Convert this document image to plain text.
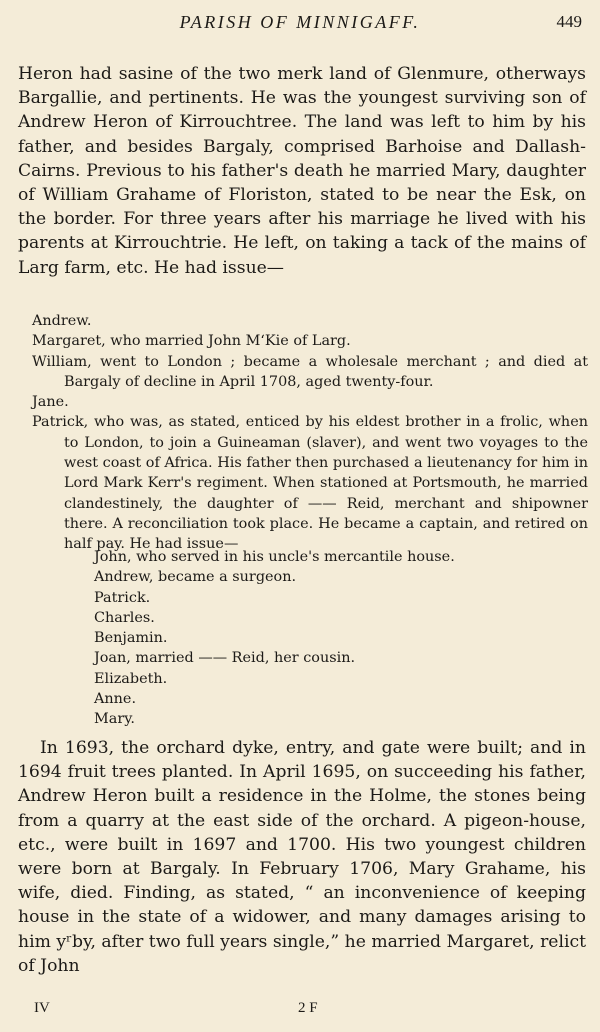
PARISH OF MINNIGAFF.	449

Heron had sasine of the two merk land of Glenmure, otherways Bargallie, and pertinents. He was the youngest surviving son of Andrew Heron of Kirrouchtree. The land was left to him by his father, and besides Bargaly, comprised Barhoise and Dallash-Cairns. Previous to his father's death he married Mary, daughter of William Grahame of Floriston, stated to be near the Esk, on the border. For three years after his marriage he lived with his parents at Kirrouchtrie. He left, on taking a tack of the mains of Larg farm, etc. He had issue—

Andrew.
Margaret, who married John M‘Kie of Larg.
William, went to London ; became a wholesale merchant ; and died at Bargaly of decline in April 1708, aged twenty-four.
Jane.
Patrick, who was, as stated, enticed by his eldest brother in a frolic, when to London, to join a Guineaman (slaver), and went two voyages to the west coast of Africa. His father then purchased a lieutenancy for him in Lord Mark Kerr's regiment. When stationed at Portsmouth, he married clandestinely, the daughter of —— Reid, merchant and shipowner there. A reconciliation took place. He became a captain, and retired on half pay. He had issue—
John, who served in his uncle's mercantile house.
Andrew, became a surgeon.
Patrick.
Charles.
Benjamin.
Joan, married —— Reid, her cousin.
Elizabeth.
Anne.
Mary.

In 1693, the orchard dyke, entry, and gate were built; and in 1694 fruit trees planted. In April 1695, on succeeding his father, Andrew Heron built a residence in the Holme, the stones being from a quarry at the east side of the orchard. A pigeon-house, etc., were built in 1697 and 1700. His two youngest children were born at Bargaly. In February 1706, Mary Grahame, his wife, died. Finding, as stated, “ an inconvenience of keeping house in the state of a widower, and many damages arising to him yʳby, after two full years single,” he married Margaret, relict of John

IV	2 F
